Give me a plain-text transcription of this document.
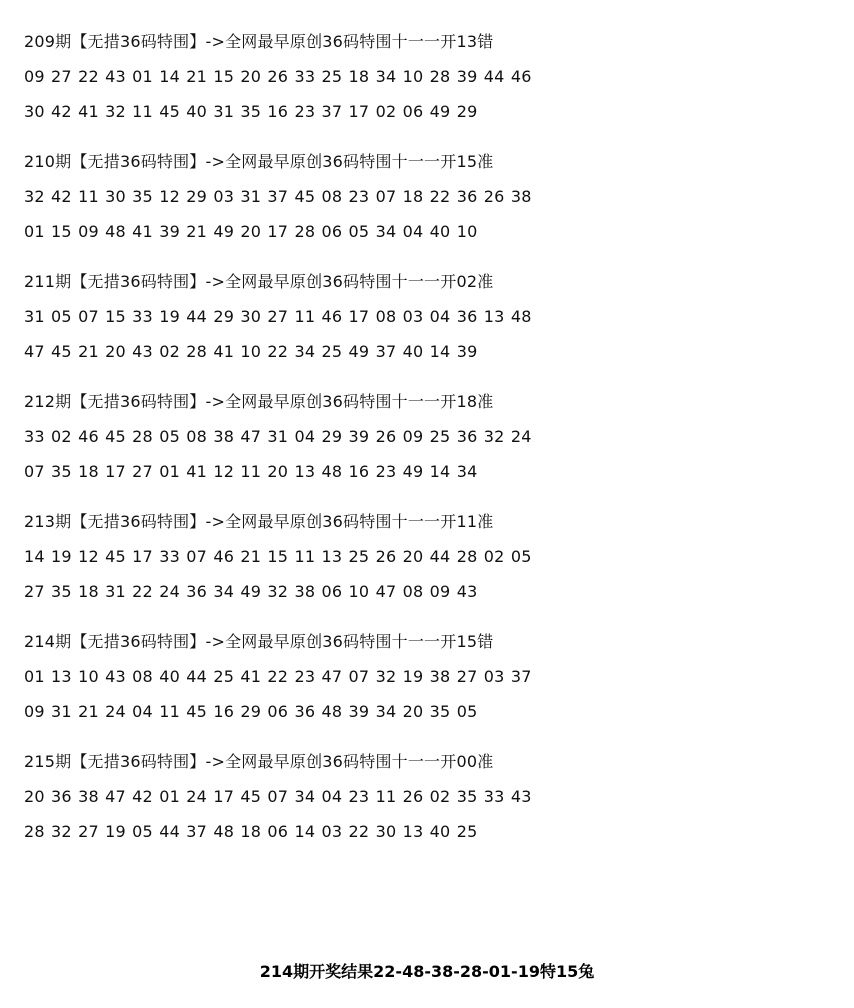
209期【无措36码特围】->全网最早原创36码特围十一一开13错
09 27 22 43 01 14 21 15 20 26 33 25 18 34 10 28 39 44 46
30 42 41 32 11 45 40 31 35 16 23 37 17 02 06 49 29
210期【无措36码特围】->全网最早原创36码特围十一一开15准
32 42 11 30 35 12 29 03 31 37 45 08 23 07 18 22 36 26 38
01 15 09 48 41 39 21 49 20 17 28 06 05 34 04 40 10
211期【无措36码特围】->全网最早原创36码特围十一一开02准
31 05 07 15 33 19 44 29 30 27 11 46 17 08 03 04 36 13 48
47 45 21 20 43 02 28 41 10 22 34 25 49 37 40 14 39
212期【无措36码特围】->全网最早原创36码特围十一一开18准
33 02 46 45 28 05 08 38 47 31 04 29 39 26 09 25 36 32 24
07 35 18 17 27 01 41 12 11 20 13 48 16 23 49 14 34
213期【无措36码特围】->全网最早原创36码特围十一一开11准
14 19 12 45 17 33 07 46 21 15 11 13 25 26 20 44 28 02 05
27 35 18 31 22 24 36 34 49 32 38 06 10 47 08 09 43
214期【无措36码特围】->全网最早原创36码特围十一一开15错
01 13 10 43 08 40 44 25 41 22 23 47 07 32 19 38 27 03 37
09 31 21 24 04 11 45 16 29 06 36 48 39 34 20 35 05
215期【无措36码特围】->全网最早原创36码特围十一一开00准
20 36 38 47 42 01 24 17 45 07 34 04 23 11 26 02 35 33 43
28 32 27 19 05 44 37 48 18 06 14 03 22 30 13 40 25
214期开奖结果22-48-38-28-01-19特15兔
